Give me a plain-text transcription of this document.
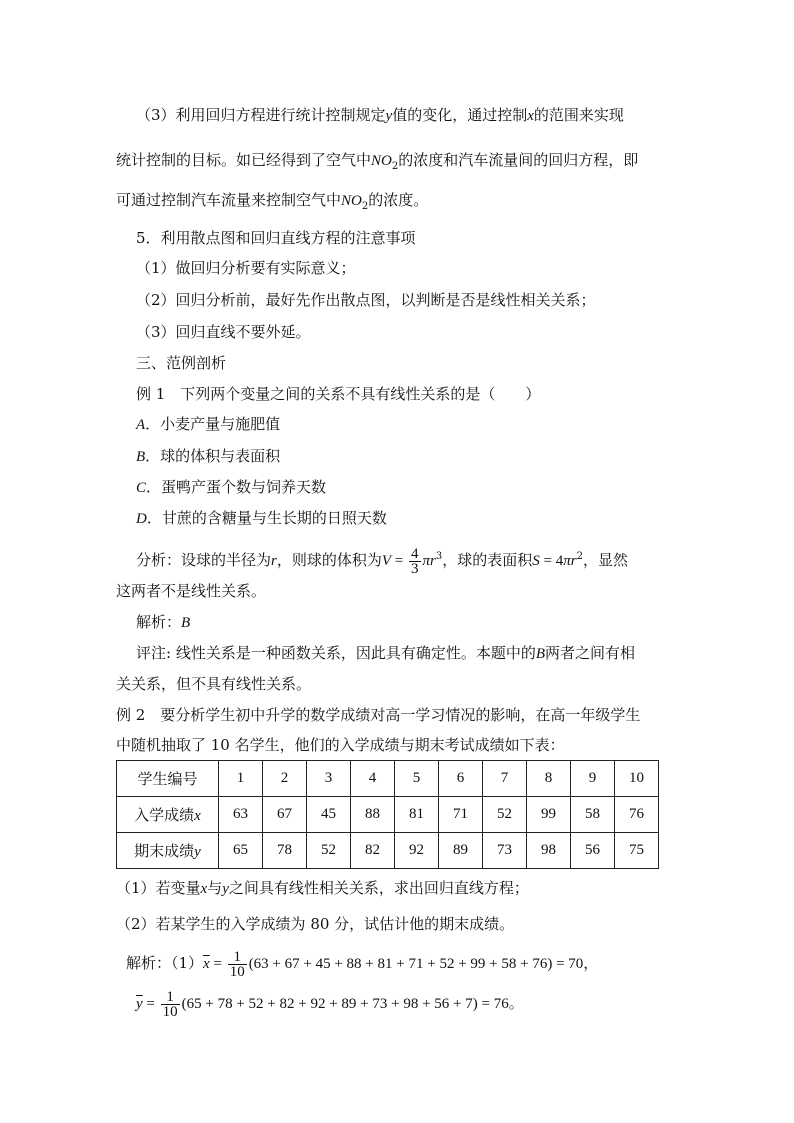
（3）利用回归方程进行统计控制规定y值的变化，通过控制x的范围来实现
统计控制的目标。如已经得到了空气中$NO_2$的浓度和汽车流量间的回归方程，即
可通过控制汽车流量来控制空气中$NO_2$的浓度。
5．利用散点图和回归直线方程的注意事项
（1）做回归分析要有实际意义；
（2）回归分析前，最好先作出散点图，以判断是否是线性相关关系；
（3）回归直线不要外延。
三、范例剖析
例 1　下列两个变量之间的关系不具有线性关系的是（　　）
A．小麦产量与施肥值
B．球的体积与表面积
C．蛋鸭产蛋个数与饲养天数
D．甘蔗的含糖量与生长期的日照天数
分析：设球的半径为r，则球的体积为$V = \frac{4}{3} \pi r^3$，球的表面积$S = 4\pi r^2$，显然
这两者不是线性关系。
解析：B
评注: 线性关系是一种函数关系，因此具有确定性。本题中的B两者之间有相
关关系，但不具有线性关系。
例 2　要分析学生初中升学的数学成绩对高一学习情况的影响，在高一年级学生
中随机抽取了 10 名学生，他们的入学成绩与期末考试成绩如下表：
学生编号	1	2	3	4	5	6	7	8	9	10
入学成绩x	63	67	45	88	81	71	52	99	58	76
期末成绩y	65	78	52	82	92	89	73	98	56	75
（1）若变量x与y之间具有线性相关关系，求出回归直线方程；
（2）若某学生的入学成绩为 80 分，试估计他的期末成绩。
解析：$(1)\overline{x} = \frac{1}{10} (63 + 67 + 45 + 88 + 81 + 71 + 52 + 99 + 58 + 76) = 70$，
$\overline{y} = \frac{1}{10} (65 + 78 + 52 + 82 + 92 + 89 + 73 + 98 + 56 + 7) = 76$。
